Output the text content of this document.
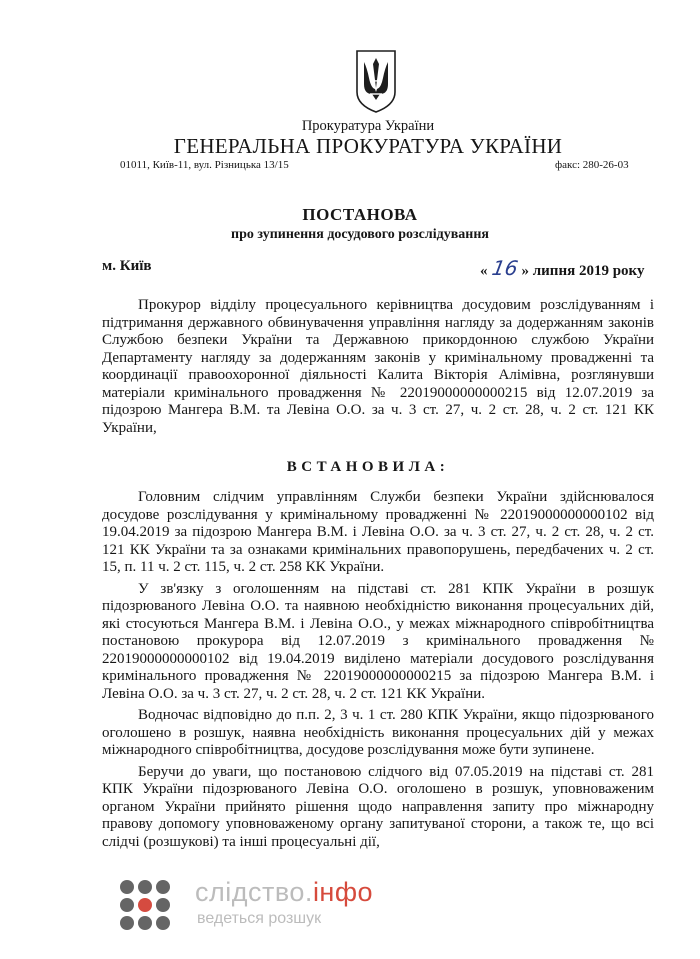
Прокуратура України
ГЕНЕРАЛЬНА ПРОКУРАТУРА УКРАЇНИ
01011, Київ-11, вул. Різницька 13/15	факс: 280-26-03
ПОСТАНОВА
про зупинення досудового розслідування
м. Київ	« 16 » липня 2019 року

Прокурор відділу процесуального керівництва досудовим розслідуванням і підтримання державного обвинувачення управління нагляду за додержанням законів Службою безпеки України та Державною прикордонною службою України Департаменту нагляду за додержанням законів у кримінальному провадженні та координації правоохоронної діяльності Калита Вікторія Алімівна, розглянувши матеріали кримінального провадження № 22019000000000215 від 12.07.2019 за підозрою Мангера В.М. та Левіна О.О. за ч. 3 ст. 27, ч. 2 ст. 28, ч. 2 ст. 121 КК України,

ВСТАНОВИЛА:

Головним слідчим управлінням Служби безпеки України здійснювалося досудове розслідування у кримінальному провадженні № 22019000000000102 від 19.04.2019 за підозрою Мангера В.М. і Левіна О.О. за ч. 3 ст. 27, ч. 2 ст. 28, ч. 2 ст. 121 КК України та за ознаками кримінальних правопорушень, передбачених ч. 2 ст. 15, п. 11 ч. 2 ст. 115, ч. 2 ст. 258 КК України.

У зв'язку з оголошенням на підставі ст. 281 КПК України в розшук підозрюваного Левіна О.О. та наявною необхідністю виконання процесуальних дій, які стосуються Мангера В.М. і Левіна О.О., у межах міжнародного співробітництва постановою прокурора від 12.07.2019 з кримінального провадження № 22019000000000102 від 19.04.2019 виділено матеріали досудового розслідування кримінального провадження № 22019000000000215 за підозрою Мангера В.М. і Левіна О.О. за ч. 3 ст. 27, ч. 2 ст. 28, ч. 2 ст. 121 КК України.

Водночас відповідно до п.п. 2, 3 ч. 1 ст. 280 КПК України, якщо підозрюваного оголошено в розшук, наявна необхідність виконання процесуальних дій у межах міжнародного співробітництва, досудове розслідування може бути зупинене.

Беручи до уваги, що постановою слідчого від 07.05.2019 на підставі ст. 281 КПК України підозрюваного Левіна О.О. оголошено в розшук, уповноваженим органом України прийнято рішення щодо направлення запиту про міжнародну правову допомогу уповноваженому органу запитуваної сторони, а також те, що всі слідчі (розшукові) та інші процесуальні дії,

слідство.інфо
ведеться розшук
